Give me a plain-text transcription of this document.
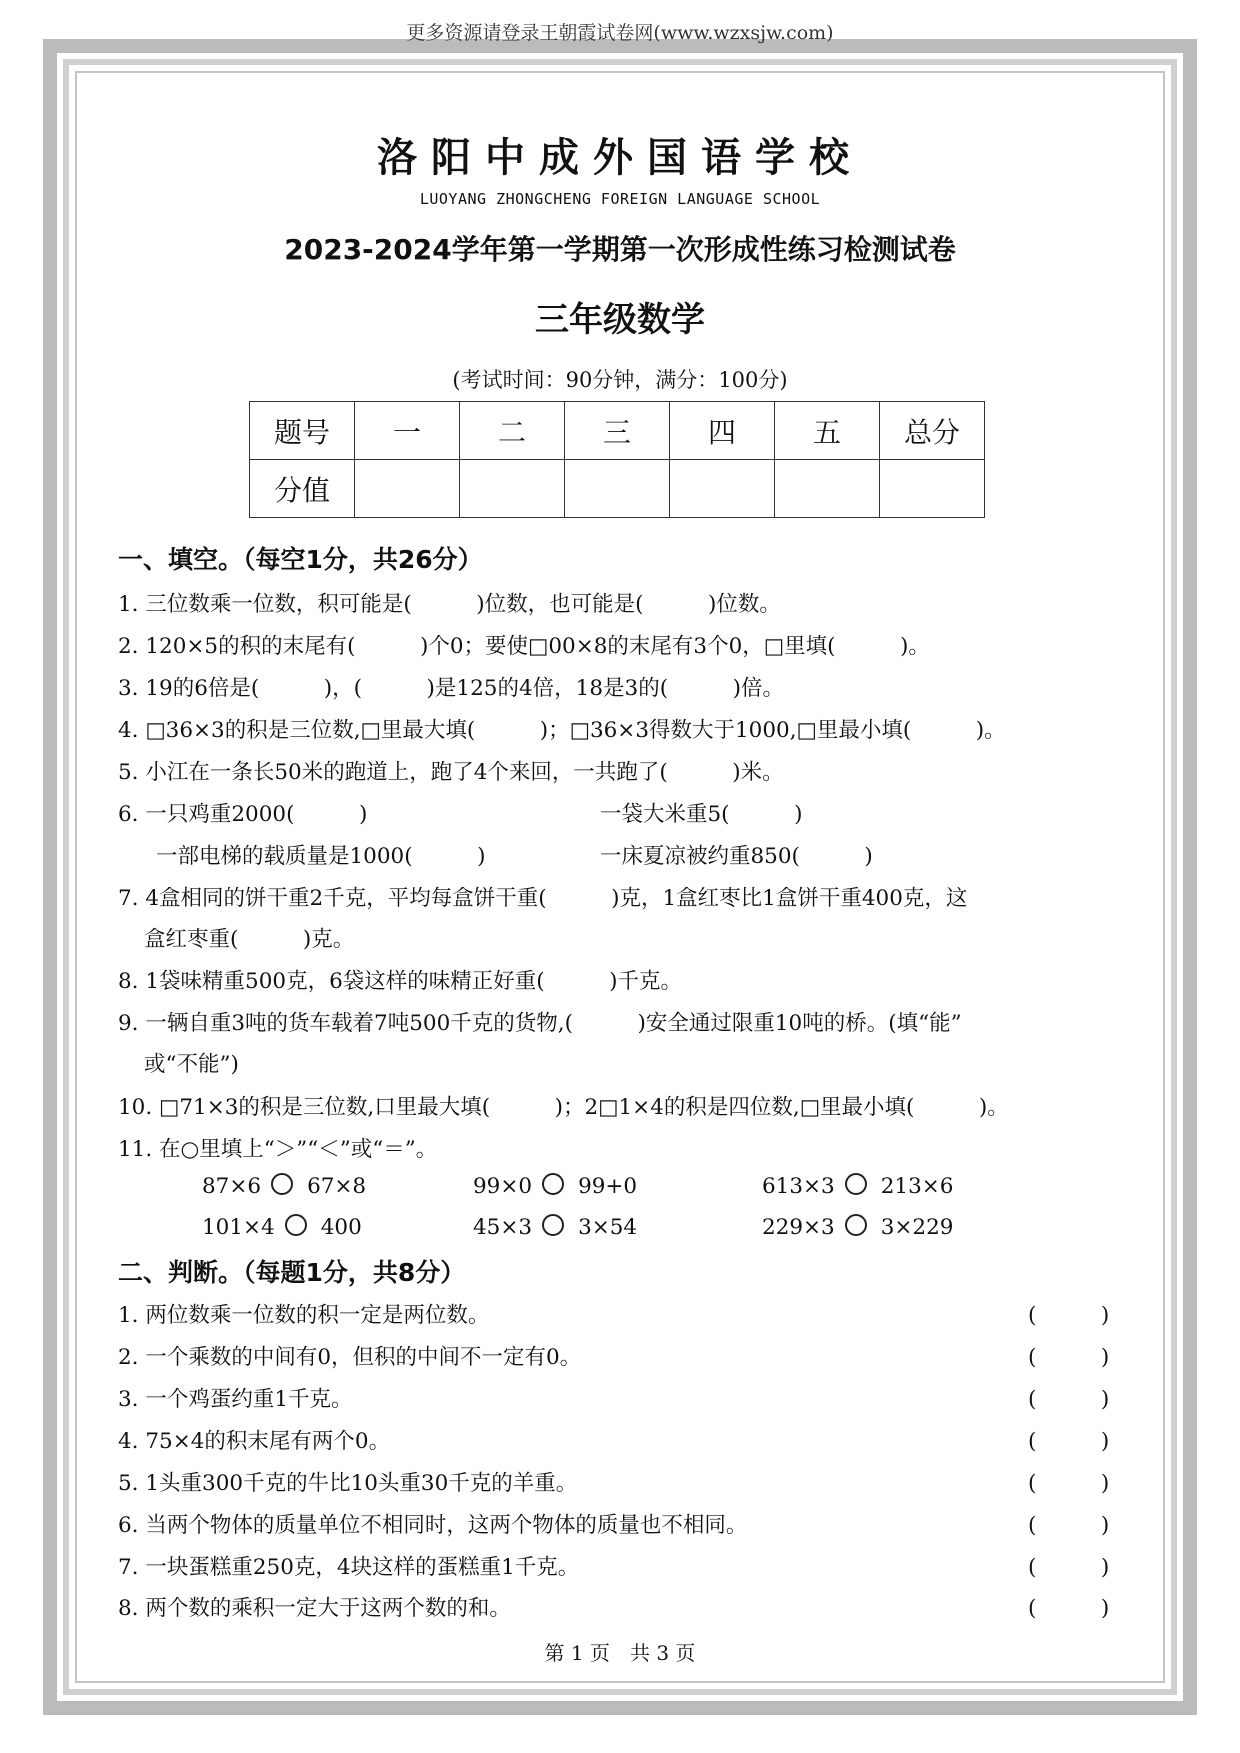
更多资源请登录王朝霞试卷网(www.wzxsjw.com)
洛阳中成外国语学校
LUOYANG ZHONGCHENG FOREIGN LANGUAGE SCHOOL
2023-2024学年第一学期第一次形成性练习检测试卷
三年级数学
(考试时间：90分钟，满分：100分)
题号	一	二	三	四	五	总分
分值						
一、填空。（每空1分，共26分）
1. 三位数乘一位数，积可能是(　　　)位数，也可能是(　　　)位数。
2. 120×5的积的末尾有(　　　)个0；要使□00×8的末尾有3个0，□里填(　　　)。
3. 19的6倍是(　　　)，(　　　)是125的4倍，18是3的(　　　)倍。
4. □36×3的积是三位数,□里最大填(　　　)；□36×3得数大于1000,□里最小填(　　　)。
5. 小江在一条长50米的跑道上，跑了4个来回，一共跑了(　　　)米。
6. 一只鸡重2000(　　　)	一袋大米重5(　　　)
一部电梯的载质量是1000(　　　)	一床夏凉被约重850(　　　)
7. 4盒相同的饼干重2千克，平均每盒饼干重(　　　)克，1盒红枣比1盒饼干重400克，这
盒红枣重(　　　)克。
8. 1袋味精重500克，6袋这样的味精正好重(　　　)千克。
9. 一辆自重3吨的货车载着7吨500千克的货物,(　　　)安全通过限重10吨的桥。(填“能”
或“不能”)
10. □71×3的积是三位数,口里最大填(　　　)；2□1×4的积是四位数,□里最小填(　　　)。
11. 在○里填上“＞”“＜”或“＝”。
87×6 67×8	99×0 99+0	613×3 213×6
101×4 400	45×3 3×54	229×3 3×229
二、判断。（每题1分，共8分）
1. 两位数乘一位数的积一定是两位数。	(　　　)
2. 一个乘数的中间有0，但积的中间不一定有0。	(　　　)
3. 一个鸡蛋约重1千克。	(　　　)
4. 75×4的积末尾有两个0。	(　　　)
5. 1头重300千克的牛比10头重30千克的羊重。	(　　　)
6. 当两个物体的质量单位不相同时，这两个物体的质量也不相同。	(　　　)
7. 一块蛋糕重250克，4块这样的蛋糕重1千克。	(　　　)
8. 两个数的乘积一定大于这两个数的和。	(　　　)
第 1 页　共 3 页
